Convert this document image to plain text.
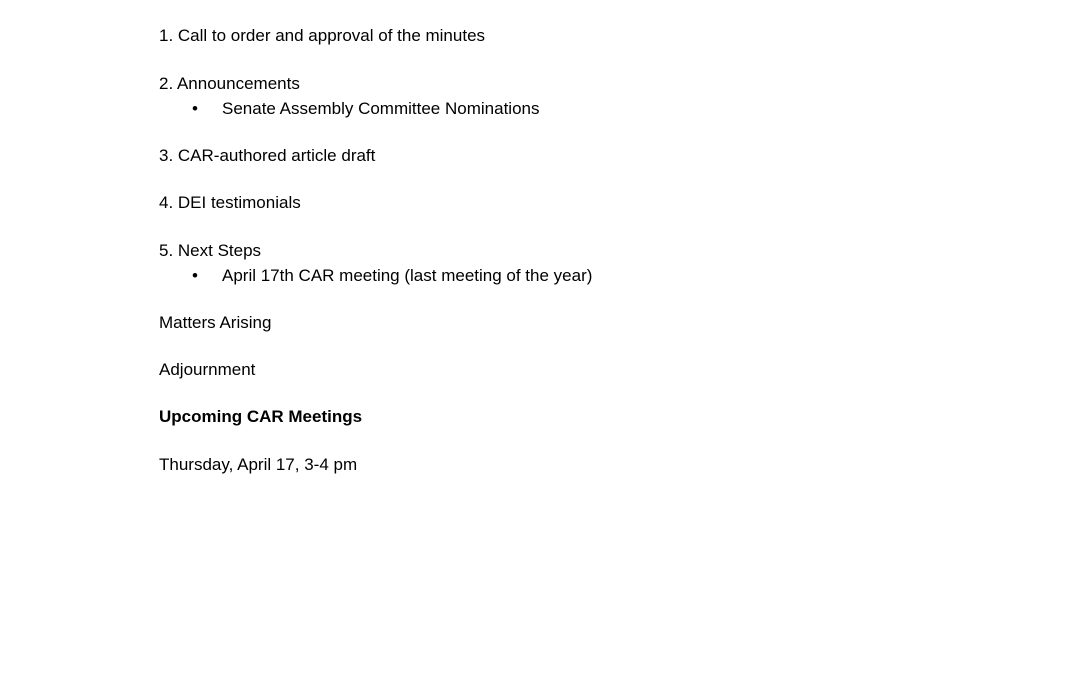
1. Call to order and approval of the minutes
2. Announcements
• Senate Assembly Committee Nominations
3. CAR-authored article draft
4. DEI testimonials
5. Next Steps
• April 17th CAR meeting (last meeting of the year)
Matters Arising
Adjournment
Upcoming CAR Meetings
Thursday, April 17, 3-4 pm
